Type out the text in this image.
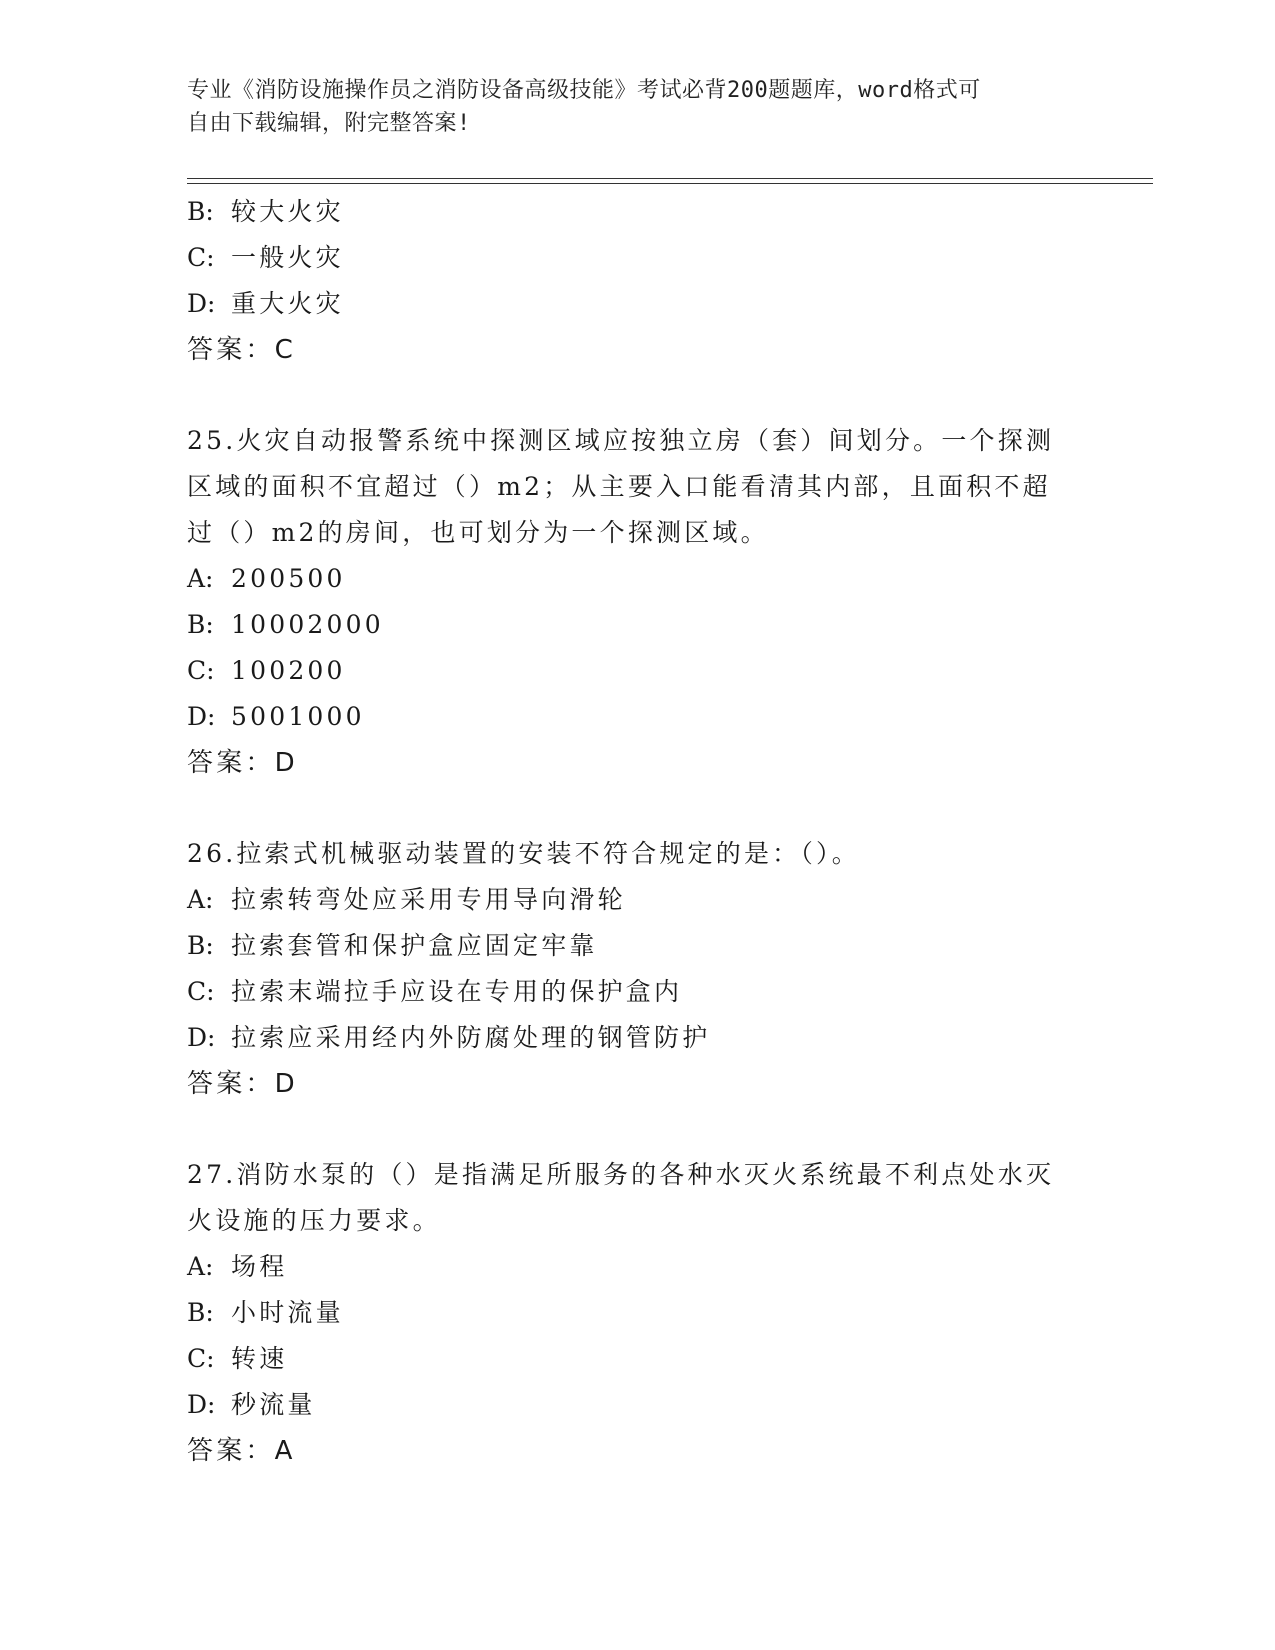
专业《消防设施操作员之消防设备高级技能》考试必背200题题库，word格式可
自由下载编辑，附完整答案!
B: 较大火灾
C: 一般火灾
D: 重大火灾
答案：C
25.火灾自动报警系统中探测区域应按独立房（套）间划分。一个探测
区域的面积不宜超过（）m2；从主要入口能看清其内部，且面积不超
过（）m2的房间，也可划分为一个探测区域。
A: 200500
B: 10002000
C: 100200
D: 5001000
答案：D
26.拉索式机械驱动装置的安装不符合规定的是：（）。
A: 拉索转弯处应采用专用导向滑轮
B: 拉索套管和保护盒应固定牢靠
C: 拉索末端拉手应设在专用的保护盒内
D: 拉索应采用经内外防腐处理的钢管防护
答案：D
27.消防水泵的（）是指满足所服务的各种水灭火系统最不利点处水灭
火设施的压力要求。
A: 场程
B: 小时流量
C: 转速
D: 秒流量
答案：A
